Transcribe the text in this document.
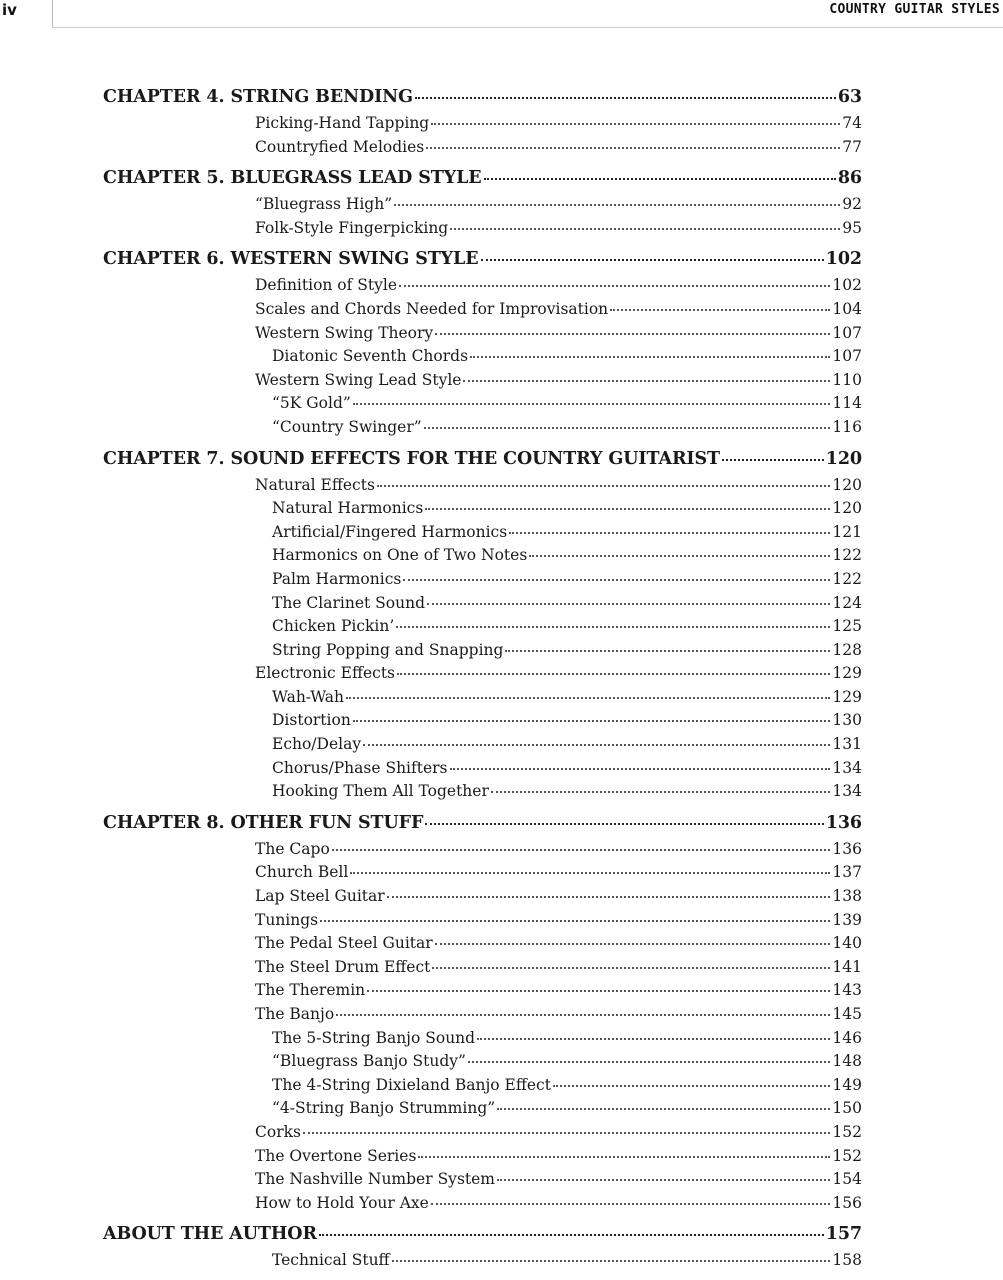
iv	COUNTRY GUITAR STYLES
CHAPTER 4. STRING BENDING	63
Picking-Hand Tapping	74
Countryfied Melodies	77
CHAPTER 5. BLUEGRASS LEAD STYLE	86
“Bluegrass High”	92
Folk-Style Fingerpicking	95
CHAPTER 6. WESTERN SWING STYLE	102
Definition of Style	102
Scales and Chords Needed for Improvisation	104
Western Swing Theory	107
Diatonic Seventh Chords	107
Western Swing Lead Style	110
“5K Gold”	114
“Country Swinger”	116
CHAPTER 7. SOUND EFFECTS FOR THE COUNTRY GUITARIST	120
Natural Effects	120
Natural Harmonics	120
Artificial/Fingered Harmonics	121
Harmonics on One of Two Notes	122
Palm Harmonics	122
The Clarinet Sound	124
Chicken Pickin’	125
String Popping and Snapping	128
Electronic Effects	129
Wah-Wah	129
Distortion	130
Echo/Delay	131
Chorus/Phase Shifters	134
Hooking Them All Together	134
CHAPTER 8. OTHER FUN STUFF	136
The Capo	136
Church Bell	137
Lap Steel Guitar	138
Tunings	139
The Pedal Steel Guitar	140
The Steel Drum Effect	141
The Theremin	143
The Banjo	145
The 5-String Banjo Sound	146
“Bluegrass Banjo Study”	148
The 4-String Dixieland Banjo Effect	149
“4-String Banjo Strumming”	150
Corks	152
The Overtone Series	152
The Nashville Number System	154
How to Hold Your Axe	156
ABOUT THE AUTHOR	157
Technical Stuff	158
